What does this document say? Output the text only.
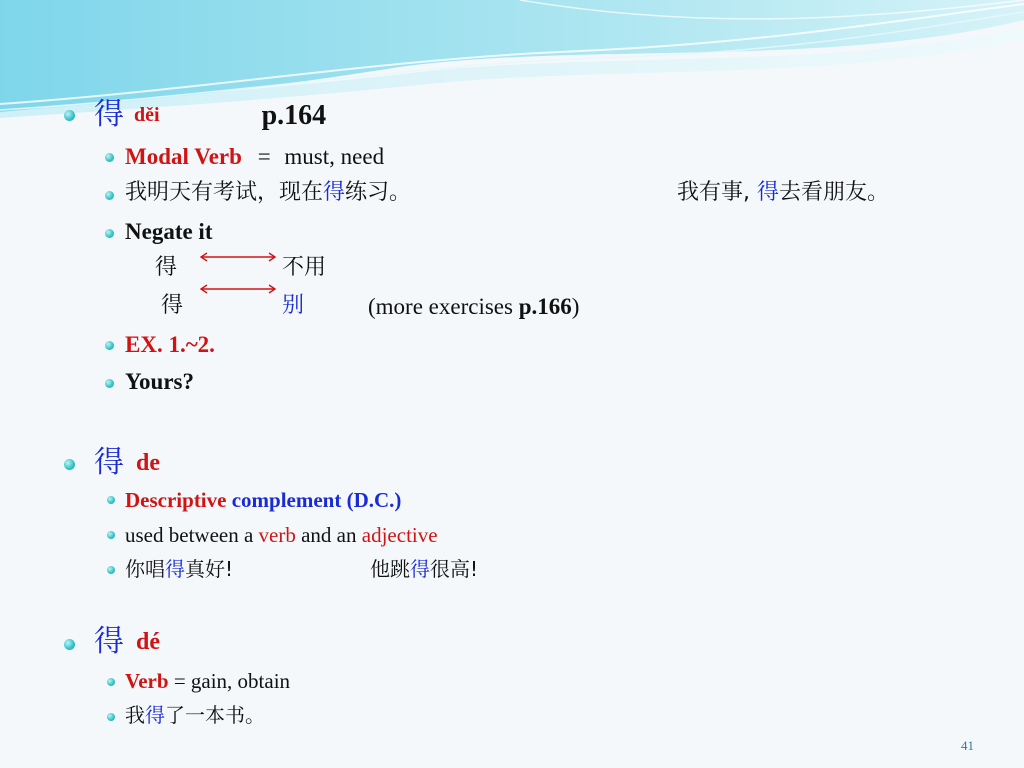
得 děi	p.164
Modal Verb = must, need
我明天有考试，现在得练习。	我有事, 得去看朋友。
Negate it
得	不用
得	别	(more exercises p.166)
EX. 1.~2.
Yours?
得 de
Descriptive complement (D.C.)
used between a verb and an adjective
你唱得真好!	他跳得很高!
得 dé
Verb = gain, obtain
我得了一本书。
41
